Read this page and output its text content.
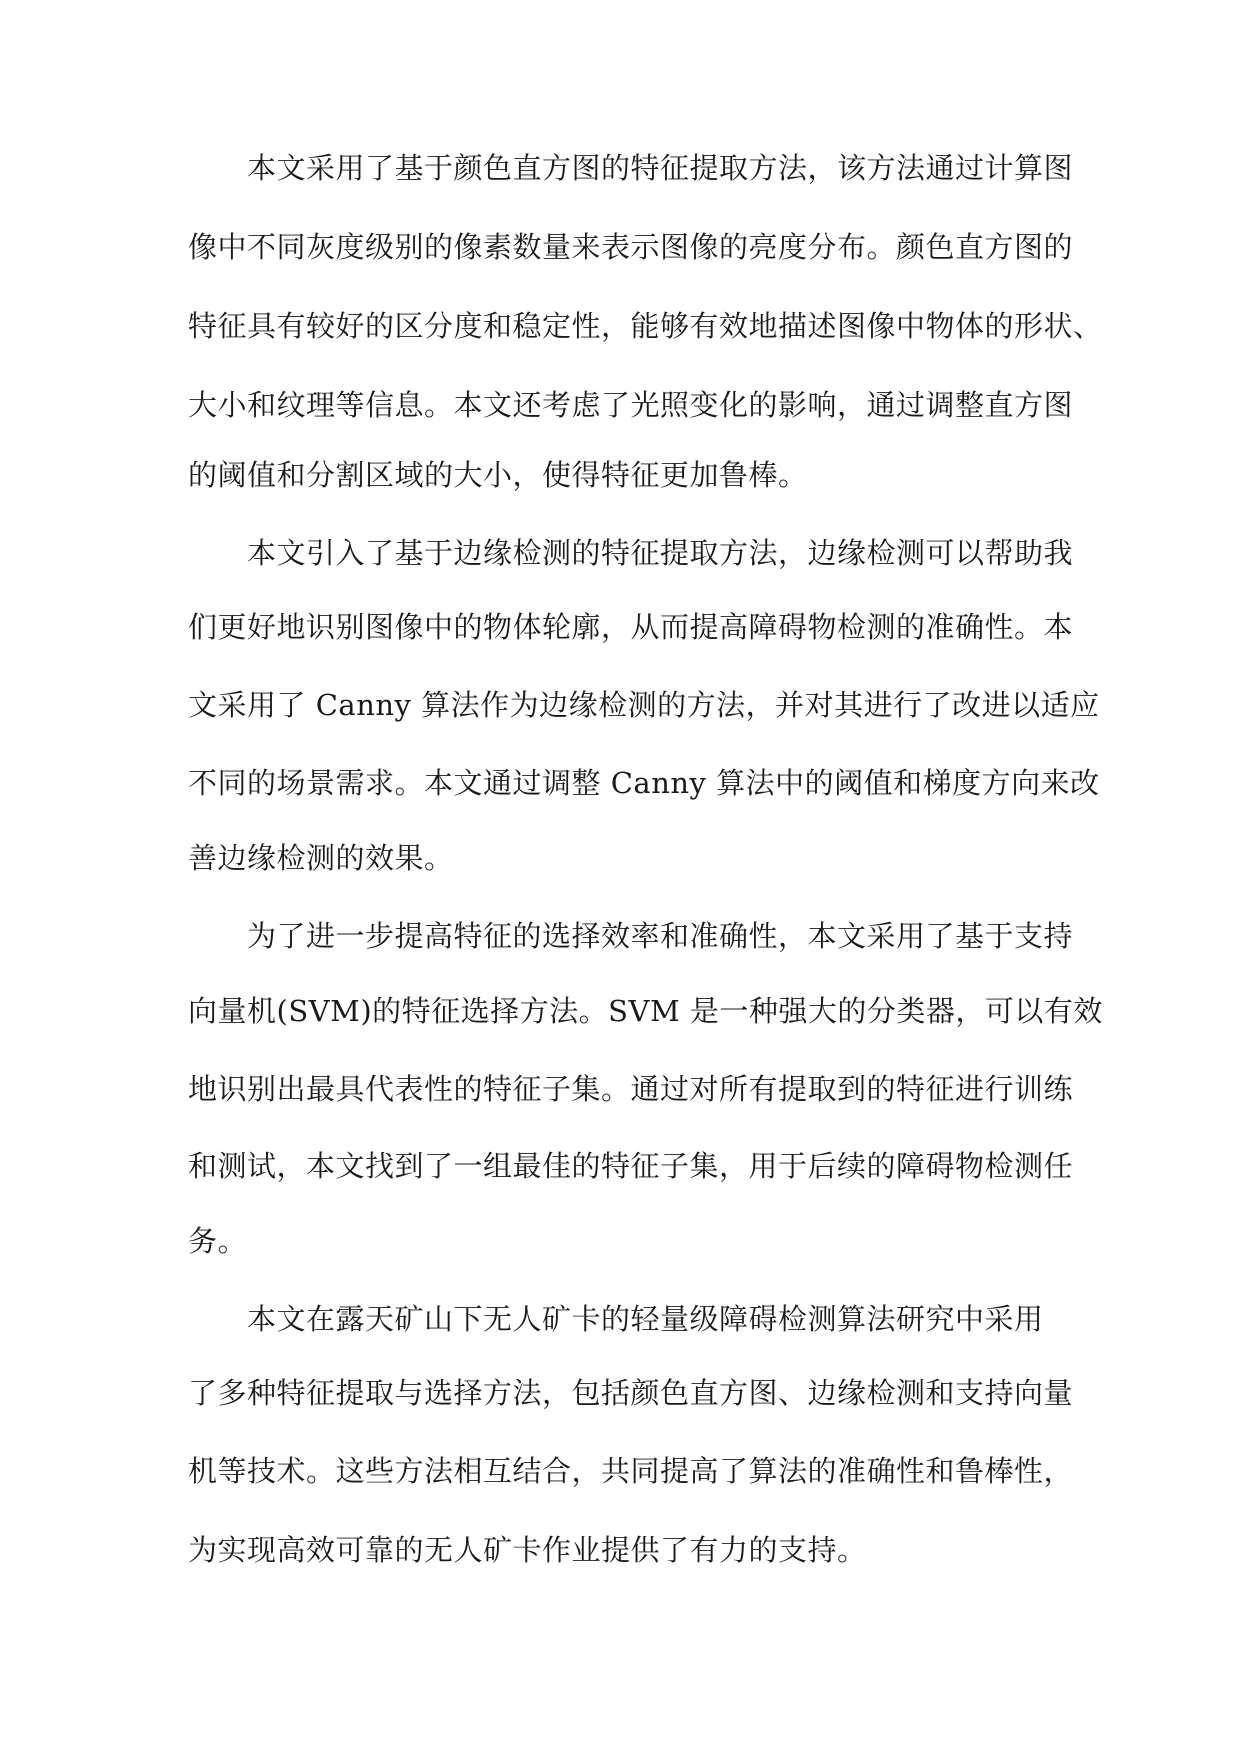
本文采用了基于颜色直方图的特征提取方法，该方法通过计算图
像中不同灰度级别的像素数量来表示图像的亮度分布。颜色直方图的
特征具有较好的区分度和稳定性，能够有效地描述图像中物体的形状、
大小和纹理等信息。本文还考虑了光照变化的影响，通过调整直方图
的阈值和分割区域的大小，使得特征更加鲁棒。
本文引入了基于边缘检测的特征提取方法，边缘检测可以帮助我
们更好地识别图像中的物体轮廓，从而提高障碍物检测的准确性。本
文采用了 Canny 算法作为边缘检测的方法，并对其进行了改进以适应
不同的场景需求。本文通过调整 Canny 算法中的阈值和梯度方向来改
善边缘检测的效果。
为了进一步提高特征的选择效率和准确性，本文采用了基于支持
向量机(SVM)的特征选择方法。SVM 是一种强大的分类器，可以有效
地识别出最具代表性的特征子集。通过对所有提取到的特征进行训练
和测试，本文找到了一组最佳的特征子集，用于后续的障碍物检测任
务。
本文在露天矿山下无人矿卡的轻量级障碍检测算法研究中采用
了多种特征提取与选择方法，包括颜色直方图、边缘检测和支持向量
机等技术。这些方法相互结合，共同提高了算法的准确性和鲁棒性，
为实现高效可靠的无人矿卡作业提供了有力的支持。
